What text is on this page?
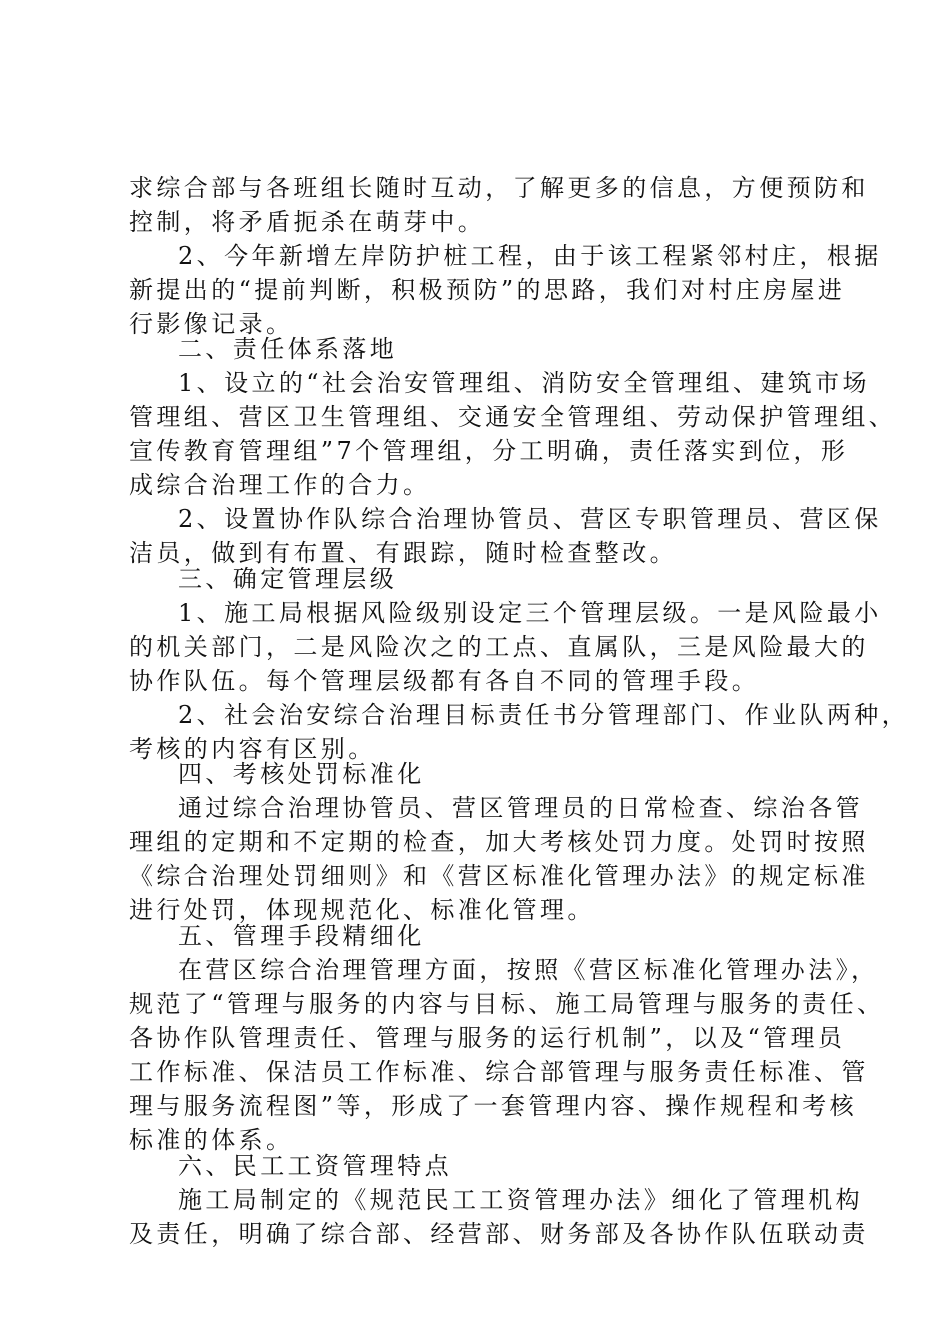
求综合部与各班组长随时互动，了解更多的信息，方便预防和
控制，将矛盾扼杀在萌芽中。
2、今年新增左岸防护桩工程，由于该工程紧邻村庄，根据
新提出的“提前判断，积极预防”的思路，我们对村庄房屋进
行影像记录。
二、责任体系落地
1、设立的“社会治安管理组、消防安全管理组、建筑市场
管理组、营区卫生管理组、交通安全管理组、劳动保护管理组、
宣传教育管理组”7个管理组，分工明确，责任落实到位，形
成综合治理工作的合力。
2、设置协作队综合治理协管员、营区专职管理员、营区保
洁员，做到有布置、有跟踪，随时检查整改。
三、确定管理层级
1、施工局根据风险级别设定三个管理层级。一是风险最小
的机关部门，二是风险次之的工点、直属队，三是风险最大的
协作队伍。每个管理层级都有各自不同的管理手段。
2、社会治安综合治理目标责任书分管理部门、作业队两种，
考核的内容有区别。
四、考核处罚标准化
通过综合治理协管员、营区管理员的日常检查、综治各管
理组的定期和不定期的检查，加大考核处罚力度。处罚时按照
《综合治理处罚细则》和《营区标准化管理办法》的规定标准
进行处罚，体现规范化、标准化管理。
五、管理手段精细化
在营区综合治理管理方面，按照《营区标准化管理办法》，
规范了“管理与服务的内容与目标、施工局管理与服务的责任、
各协作队管理责任、管理与服务的运行机制”，以及“管理员
工作标准、保洁员工作标准、综合部管理与服务责任标准、管
理与服务流程图”等，形成了一套管理内容、操作规程和考核
标准的体系。
六、民工工资管理特点
施工局制定的《规范民工工资管理办法》细化了管理机构
及责任，明确了综合部、经营部、财务部及各协作队伍联动责
